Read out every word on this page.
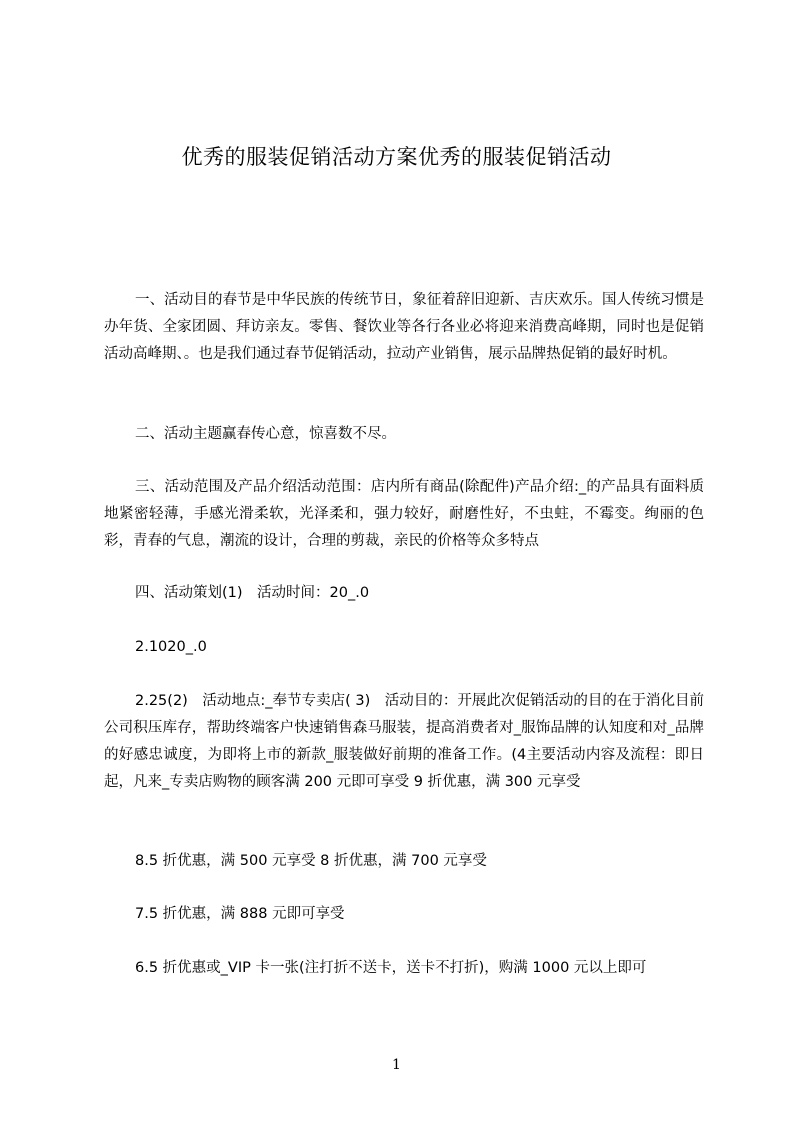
优秀的服装促销活动方案优秀的服装促销活动
一、活动目的春节是中华民族的传统节日，象征着辞旧迎新、吉庆欢乐。国人传统习惯是办年货、全家团圆、拜访亲友。零售、餐饮业等各行各业必将迎来消费高峰期，同时也是促销活动高峰期、。也是我们通过春节促销活动，拉动产业销售，展示品牌热促销的最好时机。
二、活动主题赢春传心意，惊喜数不尽。
三、活动范围及产品介绍活动范围：店内所有商品(除配件)产品介绍:_的产品具有面料质地紧密轻薄，手感光滑柔软，光泽柔和，强力较好，耐磨性好，不虫蛀，不霉变。绚丽的色彩，青春的气息，潮流的设计，合理的剪裁，亲民的价格等众多特点
四、活动策划(1)　活动时间：20_.0
2.1020_.0
2.25(2)　活动地点:_奉节专卖店( 3)　活动目的：开展此次促销活动的目的在于消化目前公司积压库存，帮助终端客户快速销售森马服装，提高消费者对_服饰品牌的认知度和对_品牌的好感忠诚度，为即将上市的新款_服装做好前期的准备工作。(4主要活动内容及流程：即日起，凡来_专卖店购物的顾客满 200 元即可享受 9 折优惠，满 300 元享受
8.5 折优惠，满 500 元享受 8 折优惠，满 700 元享受
7.5 折优惠，满 888 元即可享受
6.5 折优惠或_VIP 卡一张(注打折不送卡，送卡不打折)，购满 1000 元以上即可
1
